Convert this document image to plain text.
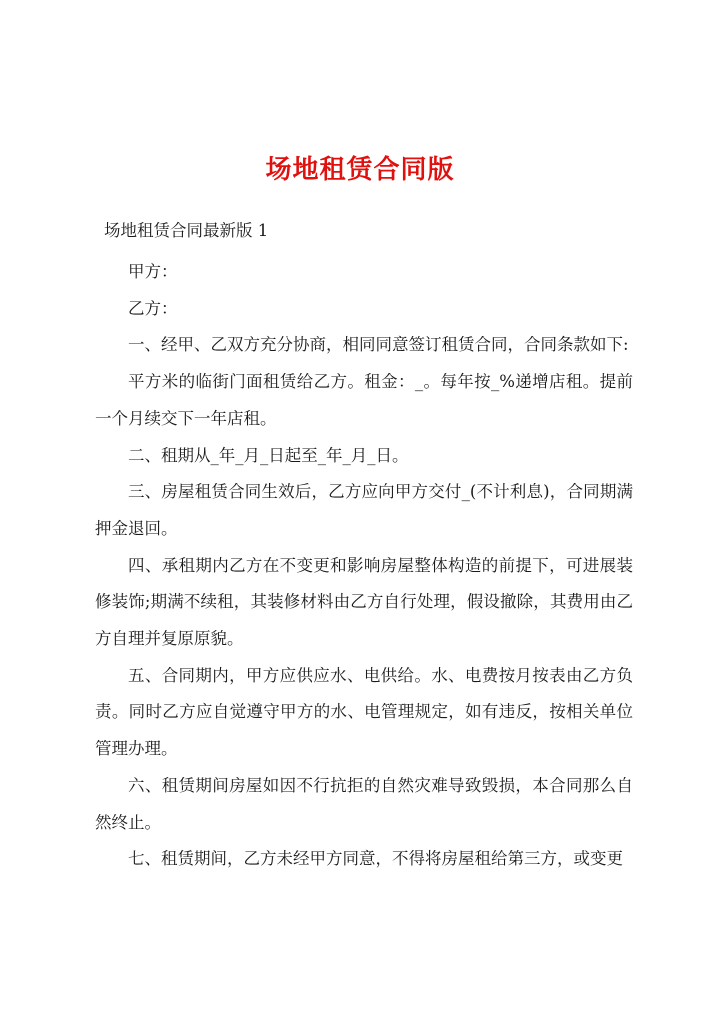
场地租赁合同版
场地租赁合同最新版 1

甲方：

乙方：

一、经甲、乙双方充分协商，相同同意签订租赁合同，合同条款如下:

平方米的临街门面租赁给乙方。租金：_。每年按_%递增店租。提前一个月续交下一年店租。

二、租期从_年_月_日起至_年_月_日。

三、房屋租赁合同生效后，乙方应向甲方交付_(不计利息)，合同期满押金退回。

四、承租期内乙方在不变更和影响房屋整体构造的前提下，可进展装修装饰;期满不续租，其装修材料由乙方自行处理，假设撤除，其费用由乙方自理并复原原貌。

五、合同期内，甲方应供应水、电供给。水、电费按月按表由乙方负责。同时乙方应自觉遵守甲方的水、电管理规定，如有违反，按相关单位管理办理。

六、租赁期间房屋如因不行抗拒的自然灾难导致毁损，本合同那么自然终止。

七、租赁期间，乙方未经甲方同意，不得将房屋租给第三方，或变更
